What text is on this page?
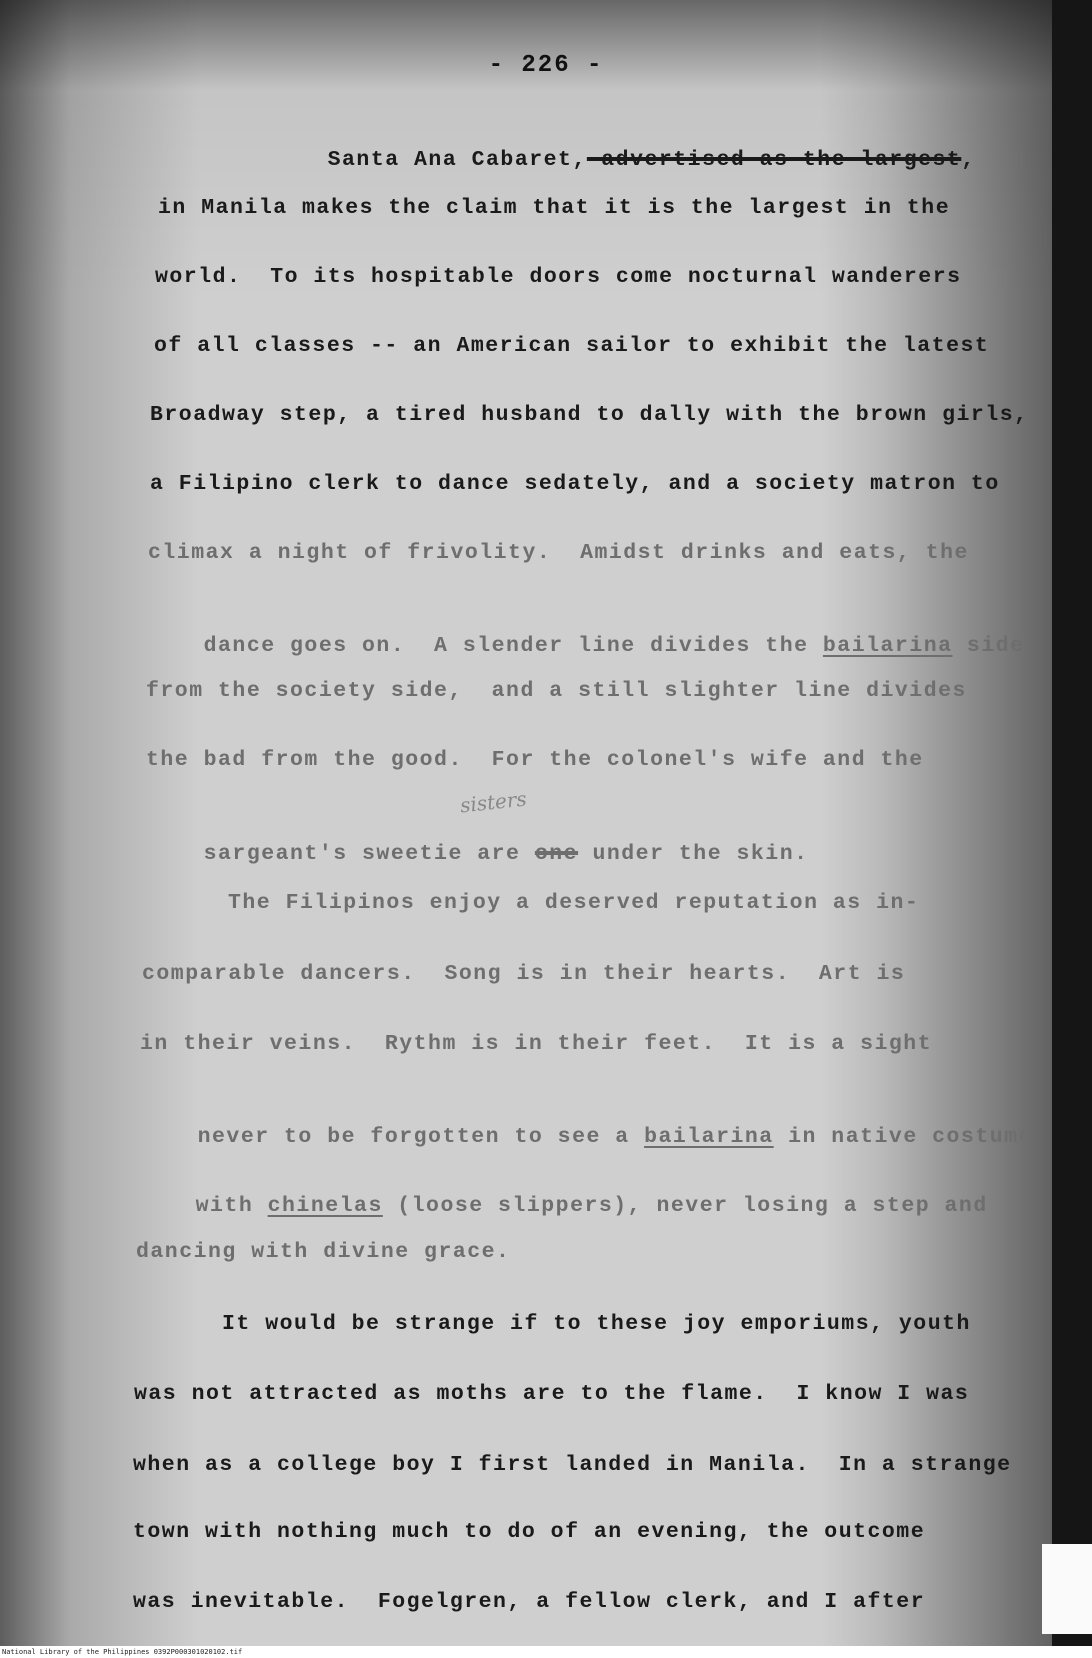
- 226 -

Santa Ana Cabaret, advertised as the largest,

in Manila makes the claim that it is the largest in the
world.  To its hospitable doors come nocturnal wanderers
of all classes -- an American sailor to exhibit the latest
Broadway step, a tired husband to dally with the brown girls,
a Filipino clerk to dance sedately, and a society matron to
climax a night of frivolity.  Amidst drinks and eats, the

dance goes on.  A slender line divides the bailarina side

from the society side,  and a still slighter line divides
the bad from the good.  For the colonel's wife and the
sisters

sargeant's sweetie are one under the skin.

The Filipinos enjoy a deserved reputation as in-
comparable dancers.  Song is in their hearts.  Art is
in their veins.  Rythm is in their feet.  It is a sight

never to be forgotten to see a bailarina in native costume

with chinelas (loose slippers), never losing a step and

dancing with divine grace.
It would be strange if to these joy emporiums, youth
was not attracted as moths are to the flame.  I know I was
when as a college boy I first landed in Manila.  In a strange
town with nothing much to do of an evening, the outcome
was inevitable.  Fogelgren, a fellow clerk, and I after
National Library of the Philippines 0392P000301020102.tif
